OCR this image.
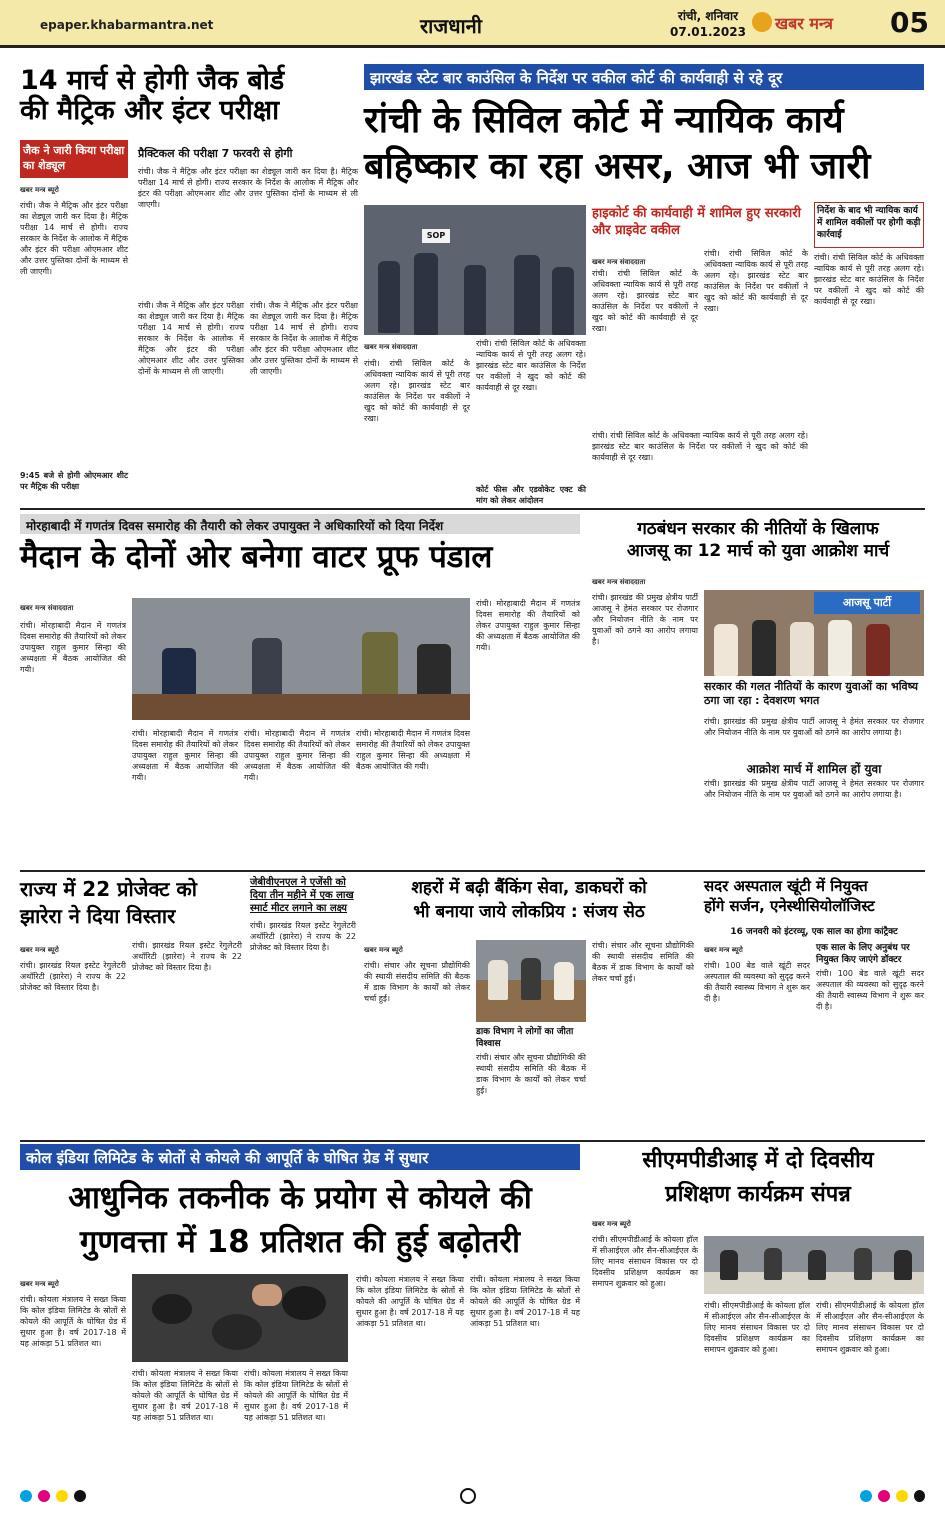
epaper.khabarmantra.net	राजधानी	रांची, शनिवार
07.01.2023 खबर मन्त्र 05
14 मार्च से होगी जैक बोर्ड
की मैट्रिक और इंटर परीक्षा
जैक ने जारी किया परीक्षा का शेड्यूल
प्रैक्टिकल की परीक्षा 7 फरवरी से होगी
खबर मन्त्र ब्यूरो
रांची। जैक ने मैट्रिक और इंटर परीक्षा का शेड्यूल जारी कर दिया है। मैट्रिक परीक्षा 14 मार्च से होगी। राज्य सरकार के निर्देश के आलोक में मैट्रिक और इंटर की परीक्षा ओएमआर शीट और उत्तर पुस्तिका दोनों के माध्यम से ली जाएगी।
रांची। जैक ने मैट्रिक और इंटर परीक्षा का शेड्यूल जारी कर दिया है। मैट्रिक परीक्षा 14 मार्च से होगी। राज्य सरकार के निर्देश के आलोक में मैट्रिक और इंटर की परीक्षा ओएमआर शीट और उत्तर पुस्तिका दोनों के माध्यम से ली जाएगी।
रांची। जैक ने मैट्रिक और इंटर परीक्षा का शेड्यूल जारी कर दिया है। मैट्रिक परीक्षा 14 मार्च से होगी। राज्य सरकार के निर्देश के आलोक में मैट्रिक और इंटर की परीक्षा ओएमआर शीट और उत्तर पुस्तिका दोनों के माध्यम से ली जाएगी।
रांची। जैक ने मैट्रिक और इंटर परीक्षा का शेड्यूल जारी कर दिया है। मैट्रिक परीक्षा 14 मार्च से होगी। राज्य सरकार के निर्देश के आलोक में मैट्रिक और इंटर की परीक्षा ओएमआर शीट और उत्तर पुस्तिका दोनों के माध्यम से ली जाएगी।
9:45 बजे से होगी ओएमआर शीट पर मैट्रिक की परीक्षा
झारखंड स्टेट बार काउंसिल के निर्देश पर वकील कोर्ट की कार्यवाही से रहे दूर
रांची के सिविल कोर्ट में न्यायिक कार्य
बहिष्कार का रहा असर, आज भी जारी
SOP
हाइकोर्ट की कार्यवाही में शामिल हुए सरकारी और प्राइवेट वकील
निर्देश के बाद भी न्यायिक कार्य में शामिल वकीलों पर होगी कड़ी कार्रवाई
खबर मन्त्र संवाददाता
खबर मन्त्र संवाददाता
रांची। रांची सिविल कोर्ट के अधिवक्ता न्यायिक कार्य से पूरी तरह अलग रहे। झारखंड स्टेट बार काउंसिल के निर्देश पर वकीलों ने खुद को कोर्ट की कार्यवाही से दूर रखा।
रांची। रांची सिविल कोर्ट के अधिवक्ता न्यायिक कार्य से पूरी तरह अलग रहे। झारखंड स्टेट बार काउंसिल के निर्देश पर वकीलों ने खुद को कोर्ट की कार्यवाही से दूर रखा।
रांची। रांची सिविल कोर्ट के अधिवक्ता न्यायिक कार्य से पूरी तरह अलग रहे। झारखंड स्टेट बार काउंसिल के निर्देश पर वकीलों ने खुद को कोर्ट की कार्यवाही से दूर रखा।
रांची। रांची सिविल कोर्ट के अधिवक्ता न्यायिक कार्य से पूरी तरह अलग रहे। झारखंड स्टेट बार काउंसिल के निर्देश पर वकीलों ने खुद को कोर्ट की कार्यवाही से दूर रखा।
रांची। रांची सिविल कोर्ट के अधिवक्ता न्यायिक कार्य से पूरी तरह अलग रहे। झारखंड स्टेट बार काउंसिल के निर्देश पर वकीलों ने खुद को कोर्ट की कार्यवाही से दूर रखा।
रांची। रांची सिविल कोर्ट के अधिवक्ता न्यायिक कार्य से पूरी तरह अलग रहे। झारखंड स्टेट बार काउंसिल के निर्देश पर वकीलों ने खुद को कोर्ट की कार्यवाही से दूर रखा।
कोर्ट फीस और एडवोकेट एक्ट की मांग को लेकर आंदोलन
मोरहाबादी में गणतंत्र दिवस समारोह की तैयारी को लेकर उपायुक्त ने अधिकारियों को दिया निर्देश
मैदान के दोनों ओर बनेगा वाटर प्रूफ पंडाल
खबर मन्त्र संवाददाता
रांची। मोरहाबादी मैदान में गणतंत्र दिवस समारोह की तैयारियों को लेकर उपायुक्त राहुल कुमार सिन्हा की अध्यक्षता में बैठक आयोजित की गयी।
रांची। मोरहाबादी मैदान में गणतंत्र दिवस समारोह की तैयारियों को लेकर उपायुक्त राहुल कुमार सिन्हा की अध्यक्षता में बैठक आयोजित की गयी।
रांची। मोरहाबादी मैदान में गणतंत्र दिवस समारोह की तैयारियों को लेकर उपायुक्त राहुल कुमार सिन्हा की अध्यक्षता में बैठक आयोजित की गयी।
रांची। मोरहाबादी मैदान में गणतंत्र दिवस समारोह की तैयारियों को लेकर उपायुक्त राहुल कुमार सिन्हा की अध्यक्षता में बैठक आयोजित की गयी।
रांची। मोरहाबादी मैदान में गणतंत्र दिवस समारोह की तैयारियों को लेकर उपायुक्त राहुल कुमार सिन्हा की अध्यक्षता में बैठक आयोजित की गयी।
गठबंधन सरकार की नीतियों के खिलाफ
आजसू का 12 मार्च को युवा आक्रोश मार्च
खबर मन्त्र संवाददाता
रांची। झारखंड की प्रमुख क्षेत्रीय पार्टी आजसू ने हेमंत सरकार पर रोजगार और नियोजन नीति के नाम पर युवाओं को ठगने का आरोप लगाया है।
आजसू पार्टी
सरकार की गलत नीतियों के कारण युवाओं का भविष्य ठगा जा रहा : देवशरण भगत
रांची। झारखंड की प्रमुख क्षेत्रीय पार्टी आजसू ने हेमंत सरकार पर रोजगार और नियोजन नीति के नाम पर युवाओं को ठगने का आरोप लगाया है।
आक्रोश मार्च में शामिल हों युवा
रांची। झारखंड की प्रमुख क्षेत्रीय पार्टी आजसू ने हेमंत सरकार पर रोजगार और नियोजन नीति के नाम पर युवाओं को ठगने का आरोप लगाया है।
राज्य में 22 प्रोजेक्ट को
झारेरा ने दिया विस्तार
खबर मन्त्र ब्यूरो
रांची। झारखंड रियल इस्टेट रेगुलेटरी अथॉरिटी (झारेरा) ने राज्य के 22 प्रोजेक्ट को विस्तार दिया है।
रांची। झारखंड रियल इस्टेट रेगुलेटरी अथॉरिटी (झारेरा) ने राज्य के 22 प्रोजेक्ट को विस्तार दिया है।
जेबीवीएनएल ने एजेंसी को दिया तीन महीने में एक लाख स्मार्ट मीटर लगाने का लक्ष्य
रांची। झारखंड रियल इस्टेट रेगुलेटरी अथॉरिटी (झारेरा) ने राज्य के 22 प्रोजेक्ट को विस्तार दिया है।
शहरों में बढ़ी बैंकिंग सेवा, डाकघरों को
भी बनाया जाये लोकप्रिय : संजय सेठ
खबर मन्त्र ब्यूरो
रांची। संचार और सूचना प्रौद्योगिकी की स्थायी संसदीय समिति की बैठक में डाक विभाग के कार्यों को लेकर चर्चा हुई।
डाक विभाग ने लोगों का जीता विश्वास
रांची। संचार और सूचना प्रौद्योगिकी की स्थायी संसदीय समिति की बैठक में डाक विभाग के कार्यों को लेकर चर्चा हुई।
रांची। संचार और सूचना प्रौद्योगिकी की स्थायी संसदीय समिति की बैठक में डाक विभाग के कार्यों को लेकर चर्चा हुई।
सदर अस्पताल खूंटी में नियुक्त
होंगे सर्जन, एनेस्थीसियोलॉजिस्ट
16 जनवरी को इंटरव्यू, एक साल का होगा कांट्रैक्ट
खबर मन्त्र ब्यूरो
रांची। 100 बेड वाले खूंटी सदर अस्पताल की व्यवस्था को सुदृढ़ करने की तैयारी स्वास्थ्य विभाग ने शुरू कर दी है।
एक साल के लिए अनुबंध पर नियुक्त किए जाएंगे डॉक्टर
रांची। 100 बेड वाले खूंटी सदर अस्पताल की व्यवस्था को सुदृढ़ करने की तैयारी स्वास्थ्य विभाग ने शुरू कर दी है।
कोल इंडिया लिमिटेड के स्रोतों से कोयले की आपूर्ति के घोषित ग्रेड में सुधार
आधुनिक तकनीक के प्रयोग से कोयले की
गुणवत्ता में 18 प्रतिशत की हुई बढ़ोतरी
खबर मन्त्र ब्यूरो
रांची। कोयला मंत्रालय ने सख्त किया कि कोल इंडिया लिमिटेड के स्रोतों से कोयले की आपूर्ति के घोषित ग्रेड में सुधार हुआ है। वर्ष 2017-18 में यह आंकड़ा 51 प्रतिशत था।
रांची। कोयला मंत्रालय ने सख्त किया कि कोल इंडिया लिमिटेड के स्रोतों से कोयले की आपूर्ति के घोषित ग्रेड में सुधार हुआ है। वर्ष 2017-18 में यह आंकड़ा 51 प्रतिशत था।
रांची। कोयला मंत्रालय ने सख्त किया कि कोल इंडिया लिमिटेड के स्रोतों से कोयले की आपूर्ति के घोषित ग्रेड में सुधार हुआ है। वर्ष 2017-18 में यह आंकड़ा 51 प्रतिशत था।
रांची। कोयला मंत्रालय ने सख्त किया कि कोल इंडिया लिमिटेड के स्रोतों से कोयले की आपूर्ति के घोषित ग्रेड में सुधार हुआ है। वर्ष 2017-18 में यह आंकड़ा 51 प्रतिशत था।
रांची। कोयला मंत्रालय ने सख्त किया कि कोल इंडिया लिमिटेड के स्रोतों से कोयले की आपूर्ति के घोषित ग्रेड में सुधार हुआ है। वर्ष 2017-18 में यह आंकड़ा 51 प्रतिशत था।
सीएमपीडीआइ में दो दिवसीय
प्रशिक्षण कार्यक्रम संपन्न
खबर मन्त्र ब्यूरो
रांची। सीएमपीडीआई के कोयला हॉल में सीआईएल और सैन-सीआईएल के लिए मानव संसाधन विकास पर दो दिवसीय प्रशिक्षण कार्यक्रम का समापन शुक्रवार को हुआ।
रांची। सीएमपीडीआई के कोयला हॉल में सीआईएल और सैन-सीआईएल के लिए मानव संसाधन विकास पर दो दिवसीय प्रशिक्षण कार्यक्रम का समापन शुक्रवार को हुआ।
रांची। सीएमपीडीआई के कोयला हॉल में सीआईएल और सैन-सीआईएल के लिए मानव संसाधन विकास पर दो दिवसीय प्रशिक्षण कार्यक्रम का समापन शुक्रवार को हुआ।
